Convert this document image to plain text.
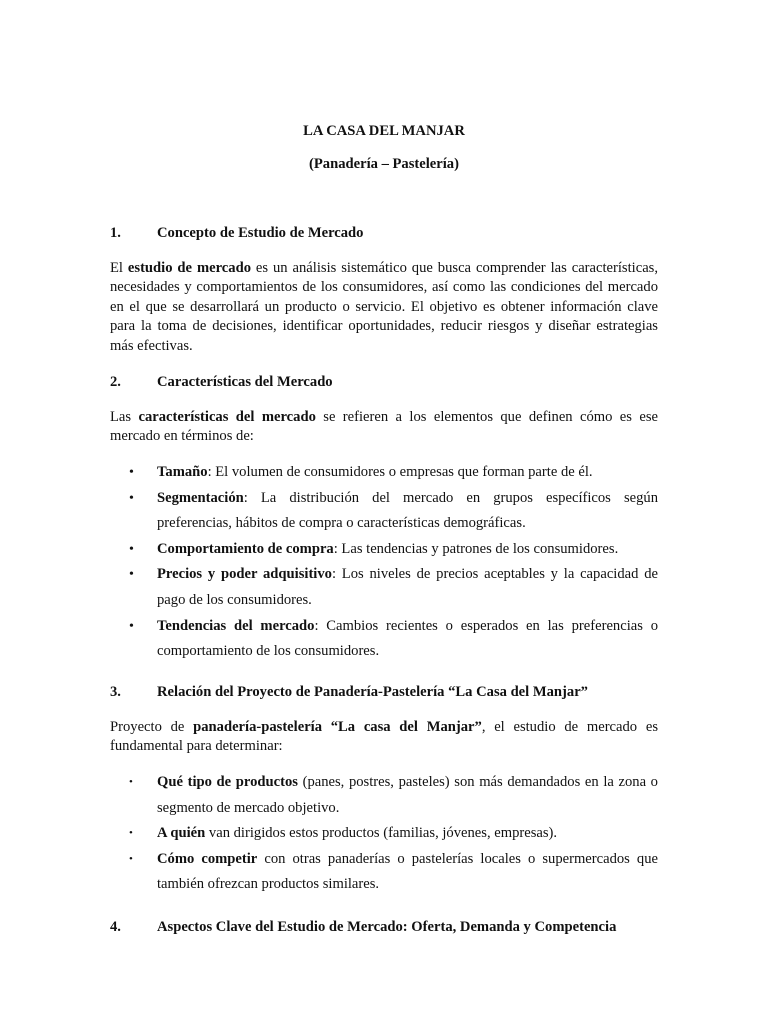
LA CASA DEL MANJAR
(Panadería – Pastelería)
1. Concepto de Estudio de Mercado
El estudio de mercado es un análisis sistemático que busca comprender las características, necesidades y comportamientos de los consumidores, así como las condiciones del mercado en el que se desarrollará un producto o servicio. El objetivo es obtener información clave para la toma de decisiones, identificar oportunidades, reducir riesgos y diseñar estrategias más efectivas.
2. Características del Mercado
Las características del mercado se refieren a los elementos que definen cómo es ese mercado en términos de:
• Tamaño: El volumen de consumidores o empresas que forman parte de él.
• Segmentación: La distribución del mercado en grupos específicos según preferencias, hábitos de compra o características demográficas.
• Comportamiento de compra: Las tendencias y patrones de los consumidores.
• Precios y poder adquisitivo: Los niveles de precios aceptables y la capacidad de pago de los consumidores.
• Tendencias del mercado: Cambios recientes o esperados en las preferencias o comportamiento de los consumidores.
3. Relación del Proyecto de Panadería-Pastelería “La Casa del Manjar”
Proyecto de panadería-pastelería “La casa del Manjar”, el estudio de mercado es fundamental para determinar:
• Qué tipo de productos (panes, postres, pasteles) son más demandados en la zona o segmento de mercado objetivo.
• A quién van dirigidos estos productos (familias, jóvenes, empresas).
• Cómo competir con otras panaderías o pastelerías locales o supermercados que también ofrezcan productos similares.
4. Aspectos Clave del Estudio de Mercado: Oferta, Demanda y Competencia
